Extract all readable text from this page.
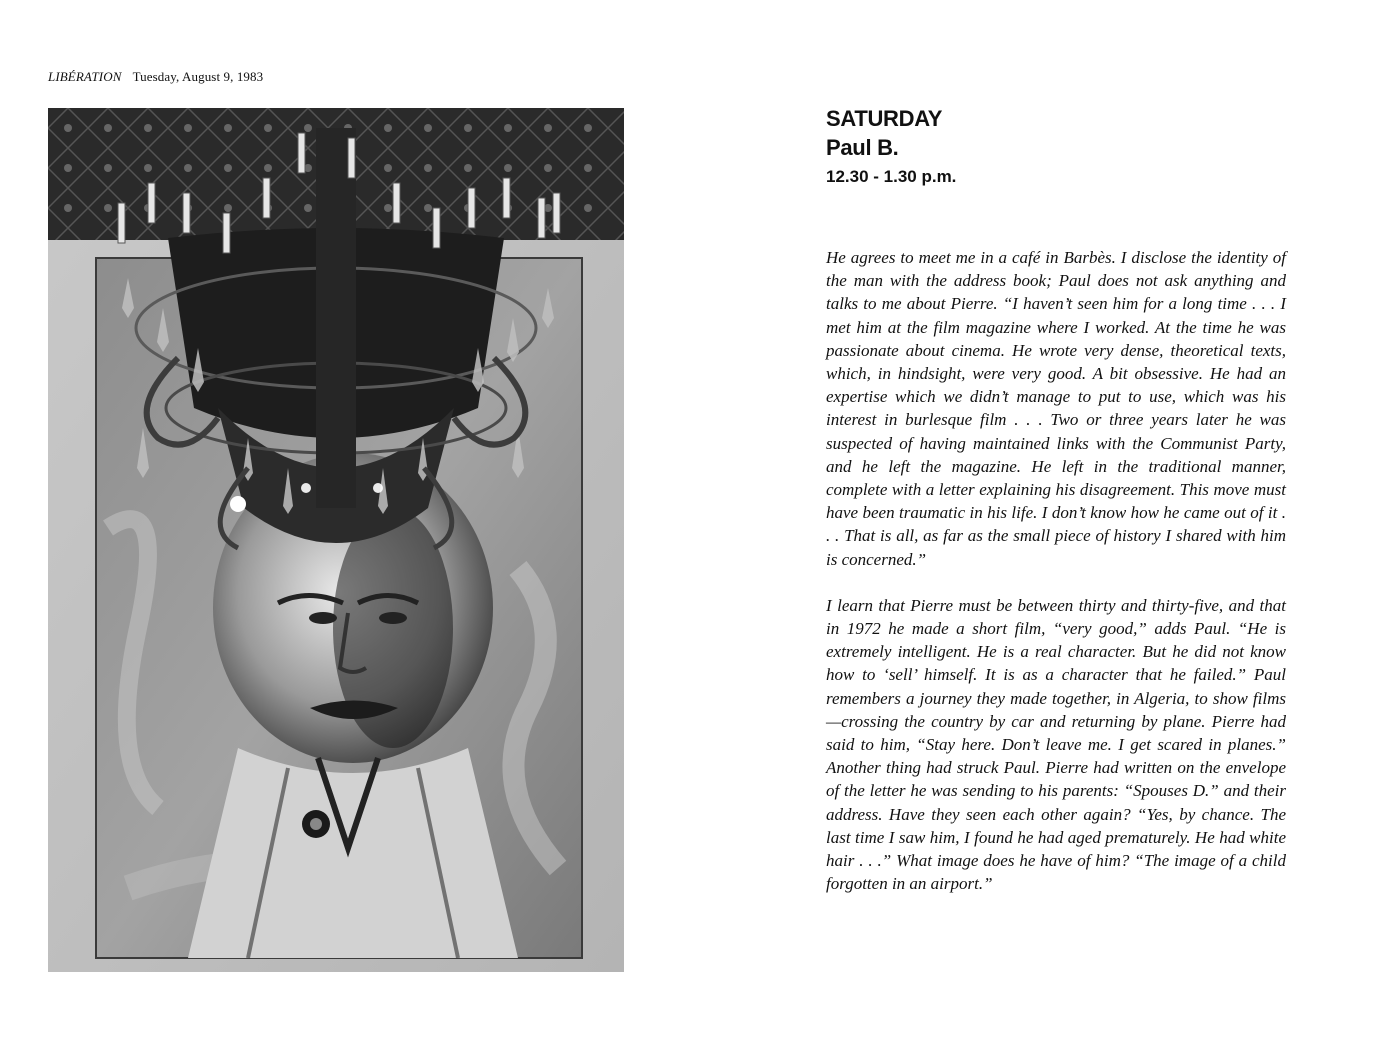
LIBÉRATION Tuesday, August 9, 1983
SATURDAY
Paul B.
12.30 - 1.30 p.m.

He agrees to meet me in a café in Barbès. I disclose the identity of the man with the address book; Paul does not ask anything and talks to me about Pierre. “I haven’t seen him for a long time . . . I met him at the film magazine where I worked. At the time he was passionate about cinema. He wrote very dense, theoretical texts, which, in hindsight, were very good. A bit obsessive. He had an expertise which we didn’t manage to put to use, which was his interest in burlesque film . . . Two or three years later he was suspected of having maintained links with the Communist Party, and he left the magazine. He left in the traditional manner, complete with a letter explaining his disagreement. This move must have been traumatic in his life. I don’t know how he came out of it . . . That is all, as far as the small piece of history I shared with him is concerned.”

I learn that Pierre must be between thirty and thirty-five, and that in 1972 he made a short film, “very good,” adds Paul. “He is extremely intelligent. He is a real character. But he did not know how to ‘sell’ himself. It is as a character that he failed.” Paul remembers a journey they made together, in Algeria, to show films—crossing the country by car and returning by plane. Pierre had said to him, “Stay here. Don’t leave me. I get scared in planes.” Another thing had struck Paul. Pierre had written on the envelope of the letter he was sending to his parents: “Spouses D.” and their address. Have they seen each other again? “Yes, by chance. The last time I saw him, I found he had aged prematurely. He had white hair . . .” What image does he have of him? “The image of a child forgotten in an airport.”
